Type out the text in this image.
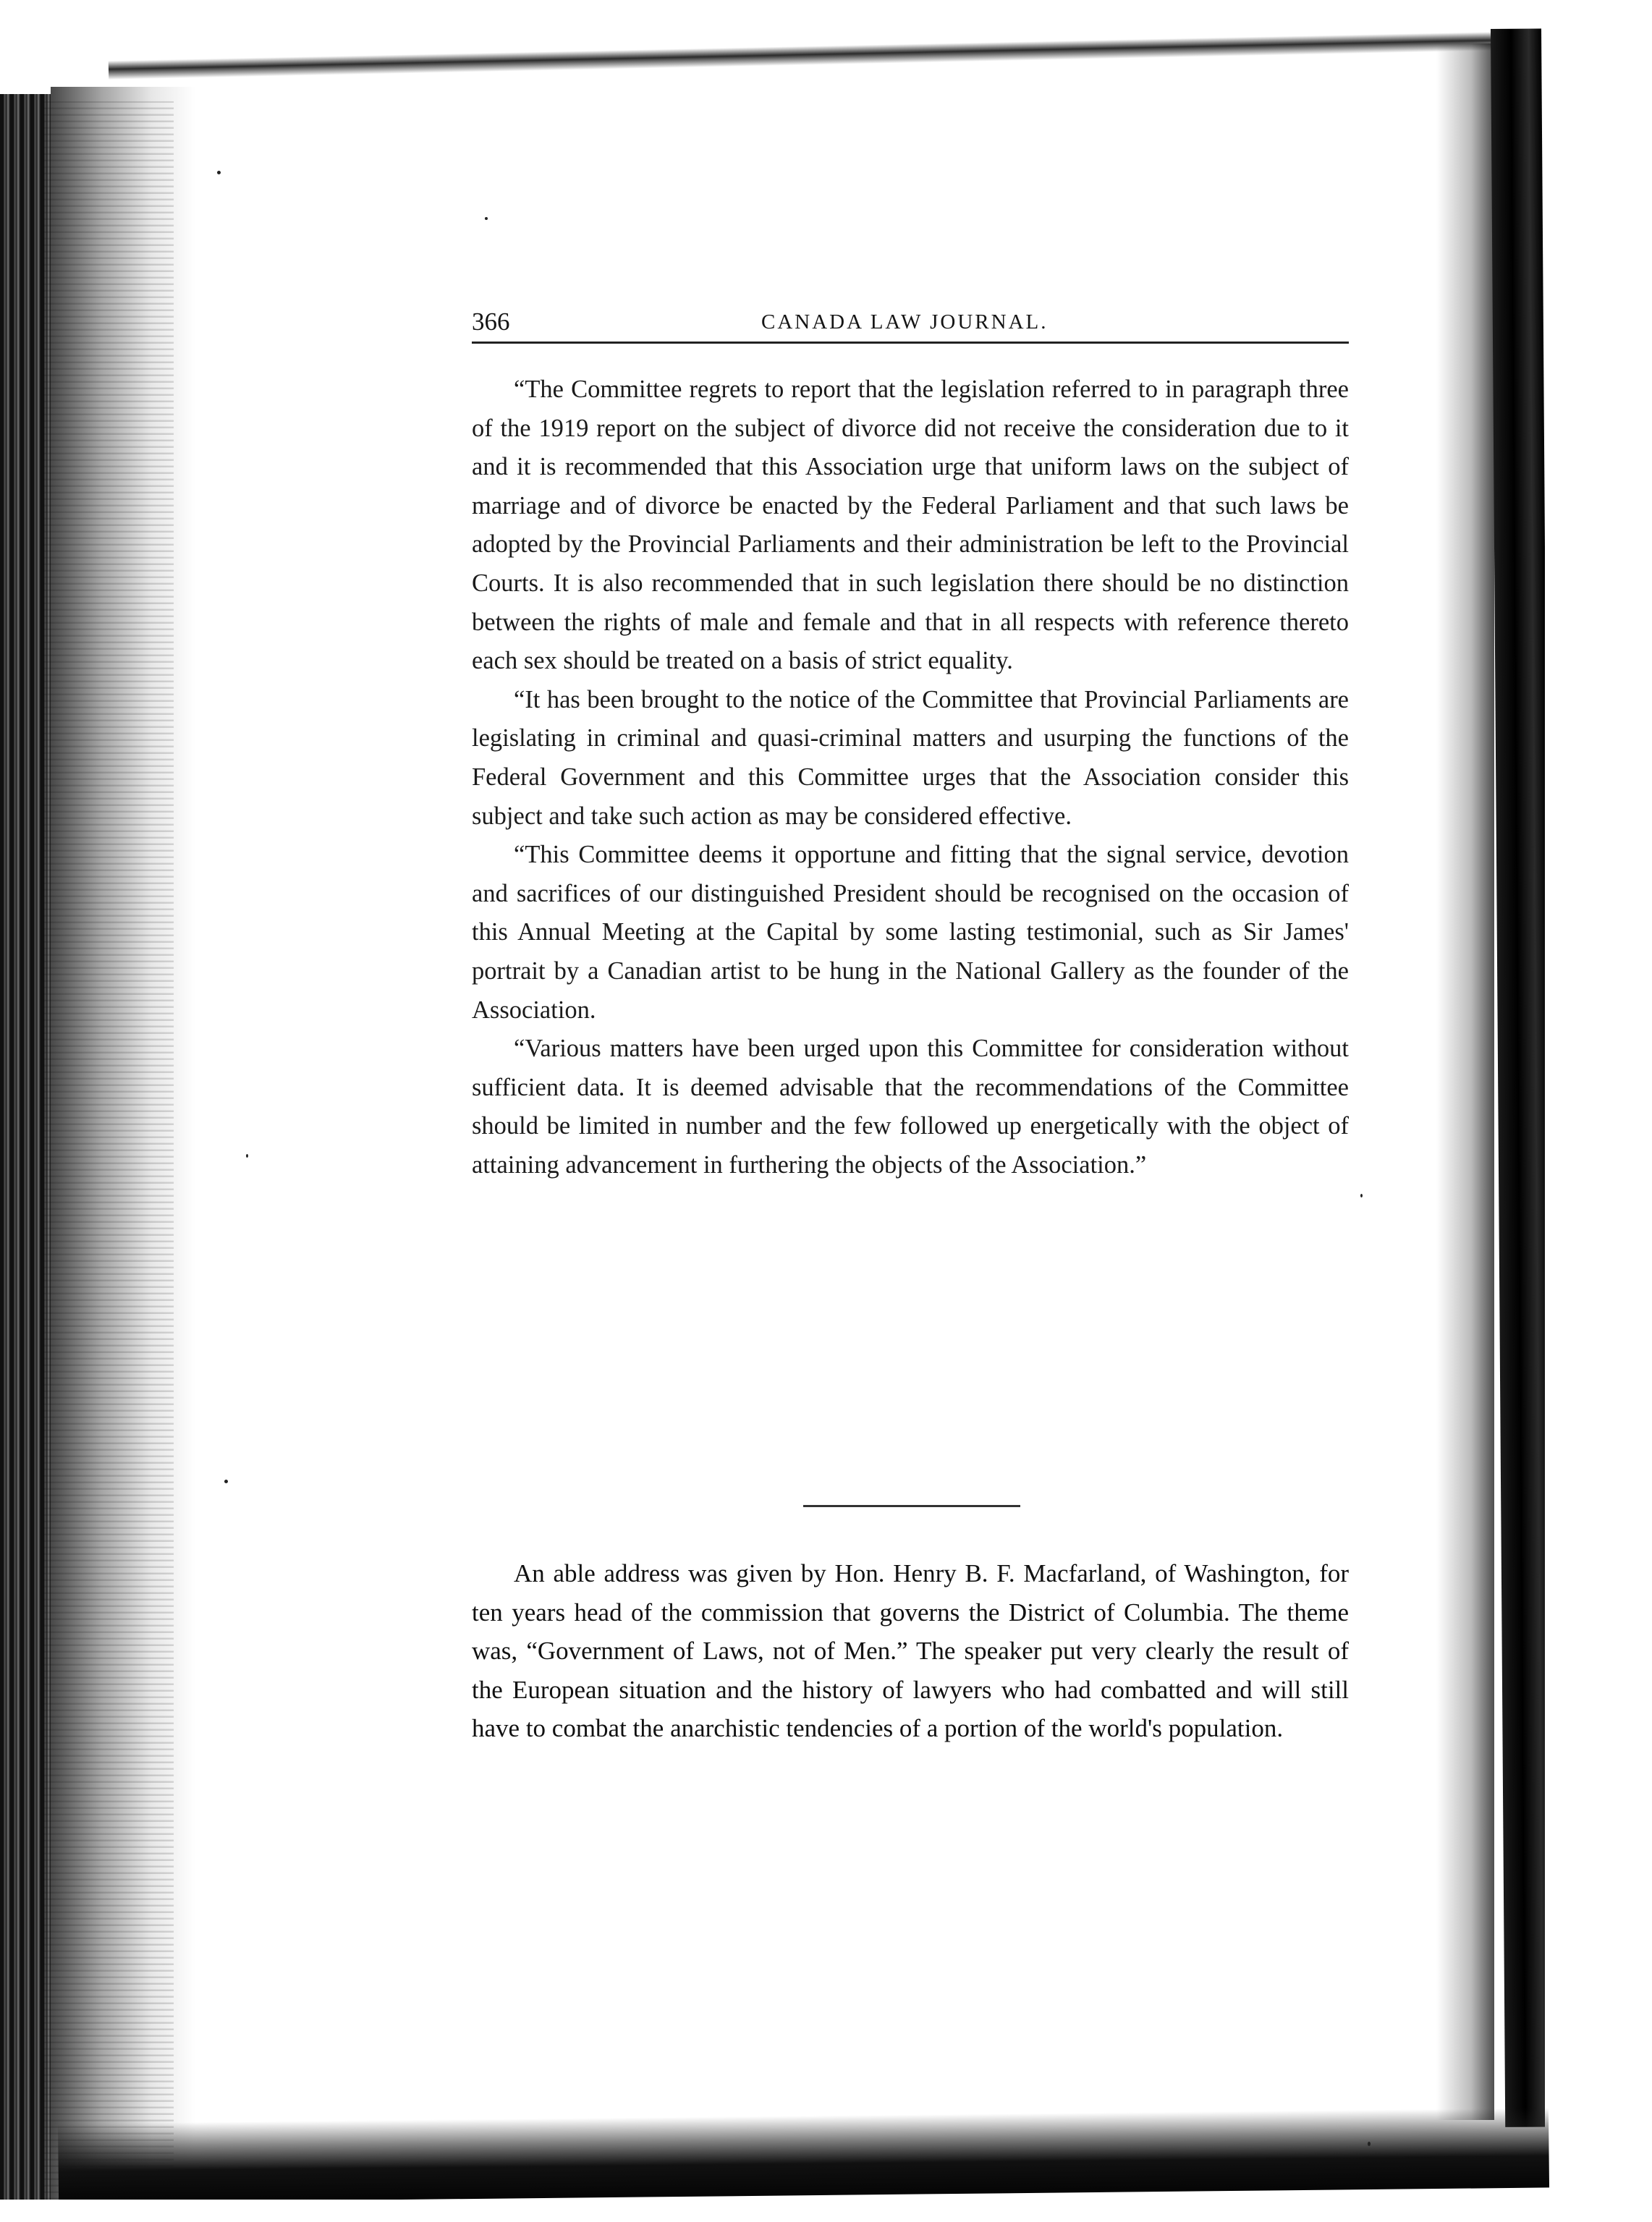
366	CANADA LAW JOURNAL.

“The Committee regrets to report that the legislation referred to in paragraph three of the 1919 report on the subject of divorce did not receive the consideration due to it and it is recommended that this Association urge that uniform laws on the subject of marriage and of divorce be enacted by the Federal Parliament and that such laws be adopted by the Provincial Parliaments and their administration be left to the Provincial Courts. It is also recommended that in such legislation there should be no distinction between the rights of male and female and that in all respects with reference thereto each sex should be treated on a basis of strict equality.

“It has been brought to the notice of the Committee that Provincial Parliaments are legislating in criminal and quasi-criminal matters and usurping the functions of the Federal Government and this Committee urges that the Association consider this subject and take such action as may be considered effective.

“This Committee deems it opportune and fitting that the signal service, devotion and sacrifices of our distinguished President should be recognised on the occasion of this Annual Meeting at the Capital by some lasting testimonial, such as Sir James' portrait by a Canadian artist to be hung in the National Gallery as the founder of the Association.

“Various matters have been urged upon this Committee for consideration without sufficient data. It is deemed advisable that the recommendations of the Committee should be limited in number and the few followed up energetically with the object of attaining advancement in furthering the objects of the Association.”

An able address was given by Hon. Henry B. F. Macfarland, of Washington, for ten years head of the commission that governs the District of Columbia. The theme was, “Government of Laws, not of Men.” The speaker put very clearly the result of the European situation and the history of lawyers who had combatted and will still have to combat the anarchistic tendencies of a portion of the world's population.
